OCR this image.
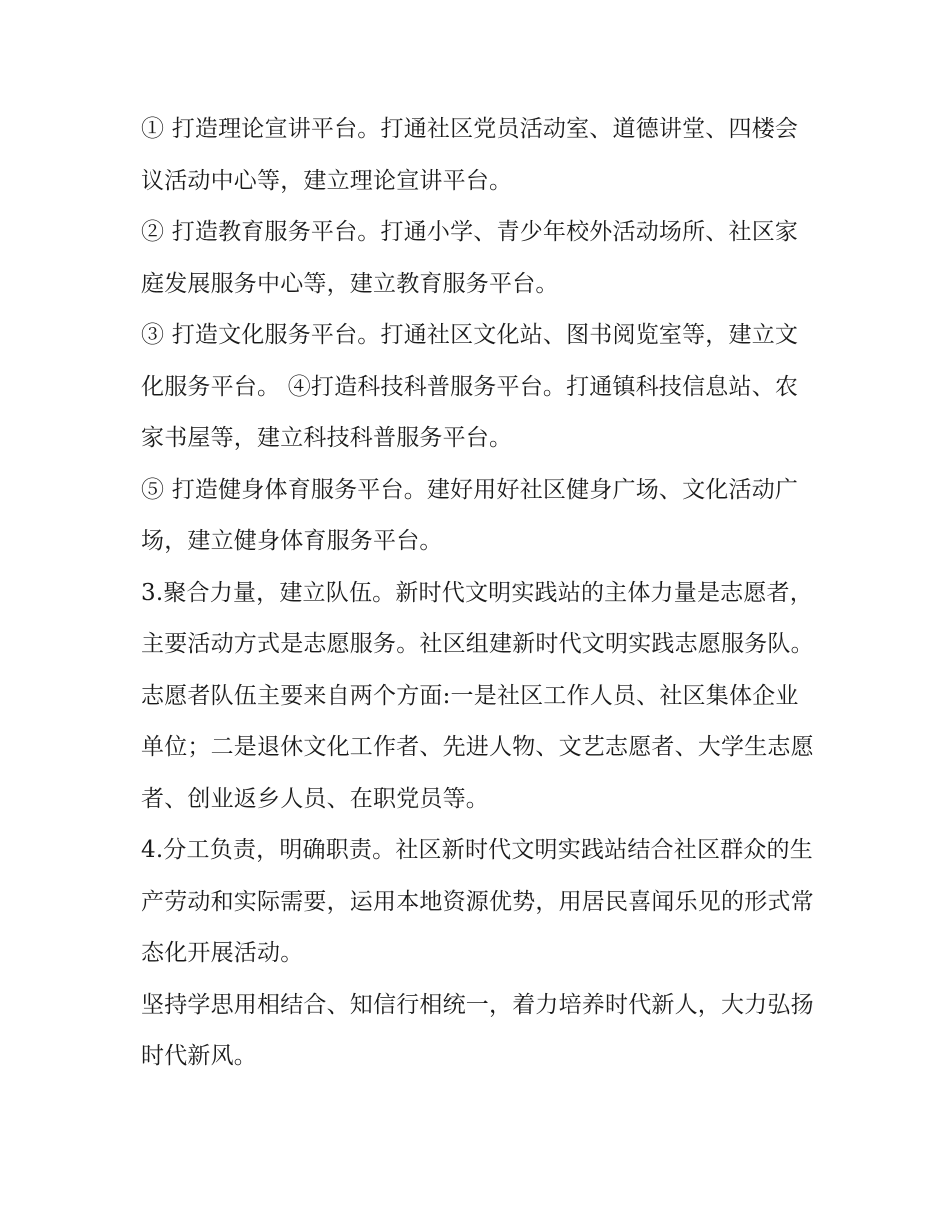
① 打造理论宣讲平台。打通社区党员活动室、道德讲堂、四楼会议活动中心等，建立理论宣讲平台。

② 打造教育服务平台。打通小学、青少年校外活动场所、社区家庭发展服务中心等，建立教育服务平台。

③ 打造文化服务平台。打通社区文化站、图书阅览室等，建立文化服务平台。 ④打造科技科普服务平台。打通镇科技信息站、农家书屋等，建立科技科普服务平台。

⑤ 打造健身体育服务平台。建好用好社区健身广场、文化活动广场，建立健身体育服务平台。

3.聚合力量，建立队伍。新时代文明实践站的主体力量是志愿者，主要活动方式是志愿服务。社区组建新时代文明实践志愿服务队。

志愿者队伍主要来自两个方面:一是社区工作人员、社区集体企业单位；二是退休文化工作者、先进人物、文艺志愿者、大学生志愿者、创业返乡人员、在职党员等。

4.分工负责，明确职责。社区新时代文明实践站结合社区群众的生产劳动和实际需要，运用本地资源优势，用居民喜闻乐见的形式常态化开展活动。

坚持学思用相结合、知信行相统一，着力培养时代新人，大力弘扬时代新风。
